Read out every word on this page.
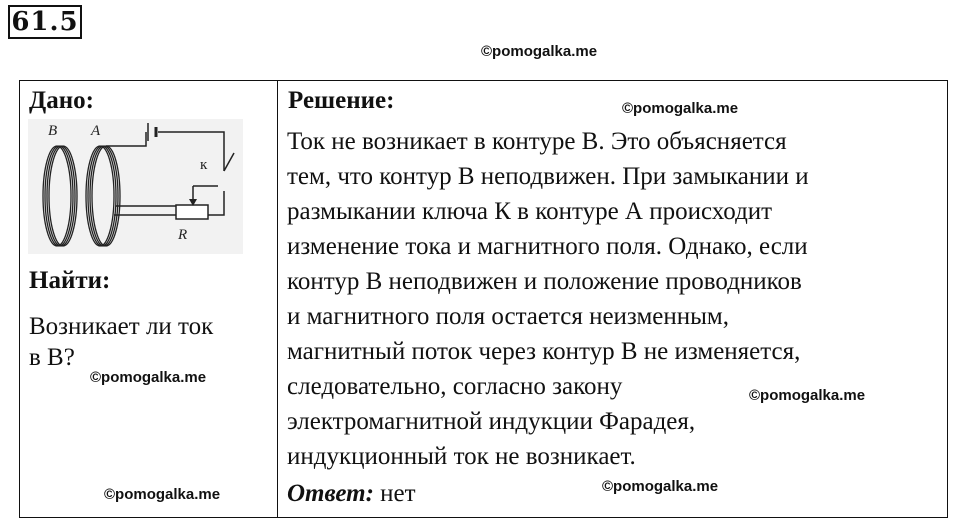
61.5
©pomogalka.me
Дано:
B A
к
R
Найти:
Возникает ли ток
в В?
Решение:
Ток не возникает в контуре В. Это объясняется
тем, что контур В неподвижен. При замыкании и
размыкании ключа К в контуре А происходит
изменение тока и магнитного поля. Однако, если
контур В неподвижен и положение проводников
и магнитного поля остается неизменным,
магнитный поток через контур В не изменяется,
следовательно, согласно закону
электромагнитной индукции Фарадея,
индукционный ток не возникает.
Ответ: нет
©pomogalka.me
©pomogalka.me
©pomogalka.me
©pomogalka.me	©pomogalka.me
